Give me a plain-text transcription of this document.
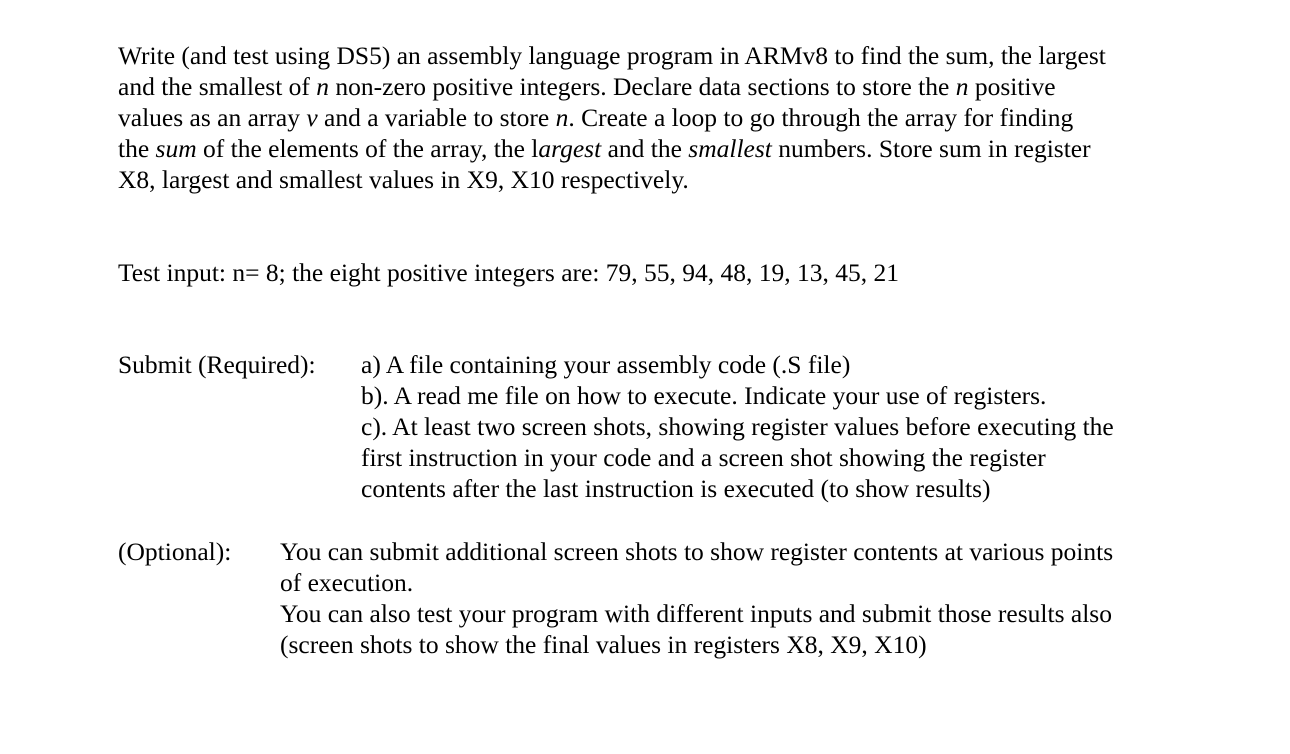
Write (and test using DS5) an assembly language program in ARMv8 to find the sum, the largest
and the smallest of n non-zero positive integers. Declare data sections to store the n positive
values as an array v and a variable to store n. Create a loop to go through the array for finding
the sum of the elements of the array, the largest and the smallest numbers. Store sum in register
X8, largest and smallest values in X9, X10 respectively.
Test input: n= 8; the eight positive integers are: 79, 55, 94, 48, 19, 13, 45, 21
Submit (Required): a) A file containing your assembly code (.S file)
b). A read me file on how to execute. Indicate your use of registers.
c). At least two screen shots, showing register values before executing the
first instruction in your code and a screen shot showing the register
contents after the last instruction is executed (to show results)
(Optional): You can submit additional screen shots to show register contents at various points
of execution.
You can also test your program with different inputs and submit those results also
(screen shots to show the final values in registers X8, X9, X10)
